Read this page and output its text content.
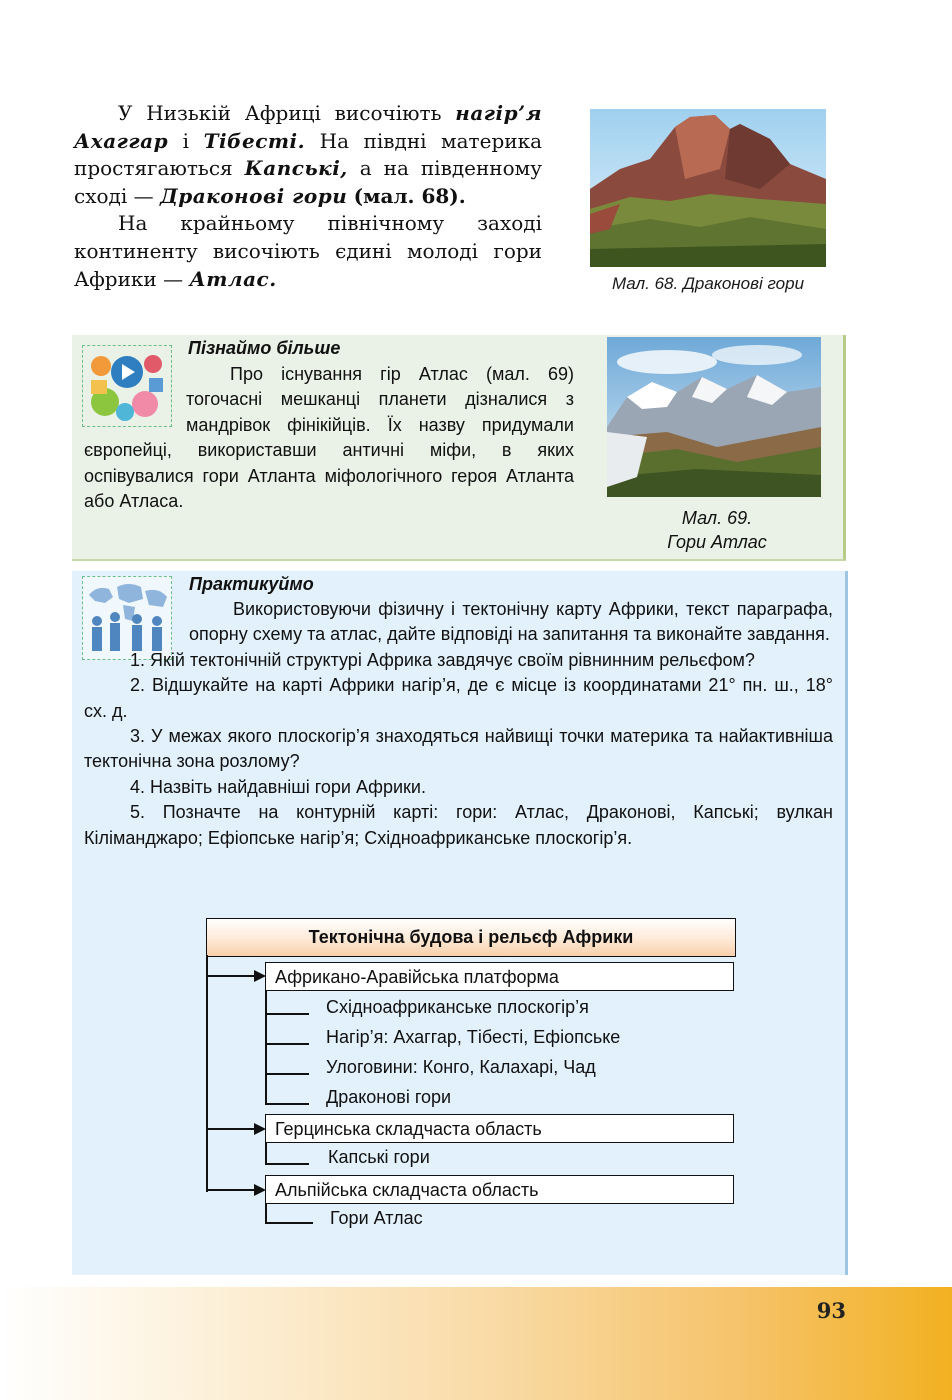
У Низькій Африці височіють нагір’я Ахаггар і Тібесті. На півдні материка простягаються Капські, а на південному сході — Драконові гори (мал. 68).

На крайньому північному заході континенту височіють єдині молоді гори Африки — Атлас.	Мал. 68. Драконові гори
Пізнаймо більше
Про існування гір Атлас (мал. 69) тогочасні мешканці планети дізналися з мандрівок фінікійців. Їх назву придумали європейці, використавши античні міфи, в яких оспівувалися гори Атланта міфологічного героя Атланта або Атласа.
Мал. 69.
Гори Атлас
Практикуймо

Використовуючи фізичну і тектонічну карту Африки, текст параграфа, опорну схему та атлас, дайте відповіді на запитання та виконайте завдання.

1. Якій тектонічній структурі Африка завдячує своїм рівнинним рельєфом?

2. Відшукайте на карті Африки нагір’я, де є місце із координатами 21° пн. ш., 18° сх. д.

3. У межах якого плоскогір’я знаходяться найвищі точки материка та найактивніша тектонічна зона розлому?

4. Назвіть найдавніші гори Африки.

5. Позначте на контурній карті: гори: Атлас, Драконові, Капські; вулкан Кіліманджаро; Ефіопське нагір’я; Східноафриканське плоскогір’я.

Тектонічна будова і рельєф Африки
Африкано-Аравійська платформа
Східноафриканське плоскогір’я
Нагір’я: Ахаггар, Тібесті, Ефіопське
Улоговини: Конго, Калахарі, Чад
Драконові гори
Герцинська складчаста область
Капські гори
Альпійська складчаста область
Гори Атлас
93
